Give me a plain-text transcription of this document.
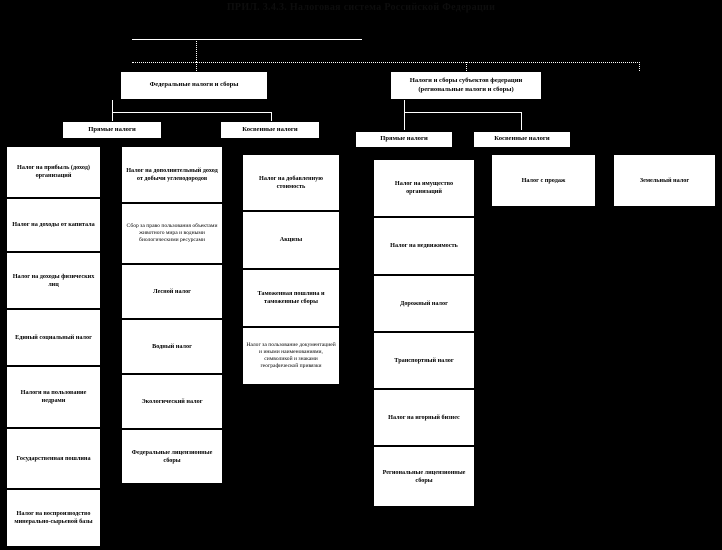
ПРИЛ. 3.4.3. Налоговая система Российской Федерации
Федеральные налоги и сборы
Налоги и сборы субъектов федерации
(региональные налоги и сборы)
Прямые налоги	Косвенные налоги
Прямые налоги	Косвенные налоги
Налог на прибыль (доход) организаций
Налог на доходы от капитала
Налог на доходы физических лиц
Единый социальный налог
Налоги на пользование недрами
Государственная пошлина
Налог на воспроизводство минерально-сырьевой базы
Налог на дополнительный доход от добычи углеводородов
Сбор за право пользования объектами животного мира и водными биологическими ресурсами
Лесной налог
Водный налог
Экологический налог
Федеральные лицензионные сборы
Налог на добавленную стоимость
Акцизы
Таможенная пошлина и таможенные сборы
Налог за пользование документацией и иными наименованиями, символикой и знаками географической привязки
Налог на имущество организаций
Налог на недвижимость
Дорожный налог
Транспортный налог
Налог на игорный бизнес
Региональные лицензионные сборы
Налог с продаж	Земельный налог
